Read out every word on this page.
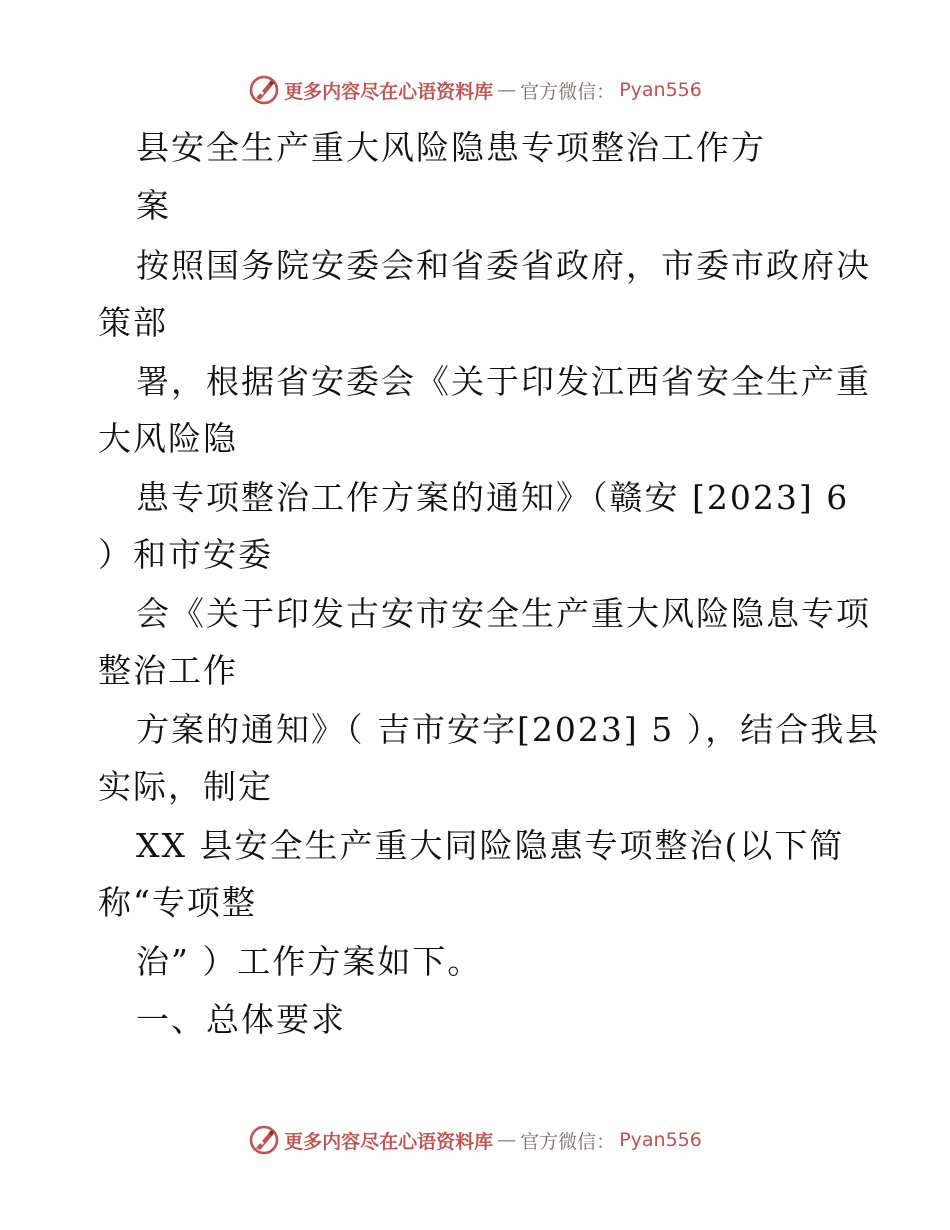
更多内容尽在心语资料库 — 官方微信： Pyan556
县安全生产重大风险隐患专项整治工作方
案
按照国务院安委会和省委省政府，市委市政府决
策部
署，根据省安委会《关于印发江西省安全生产重
大风险隐
患专项整治工作方案的通知》（赣安 [2023] 6
）和市安委
会《关于印发古安市安全生产重大风险隐息专项
整治工作
方案的通知》（ 吉市安字[2023] 5 ），结合我县
实际，制定
XX 县安全生产重大同险隐惠专项整治(以下简
称“专项整
治” ）工作方案如下。
一、总体要求
更多内容尽在心语资料库 — 官方微信： Pyan556
